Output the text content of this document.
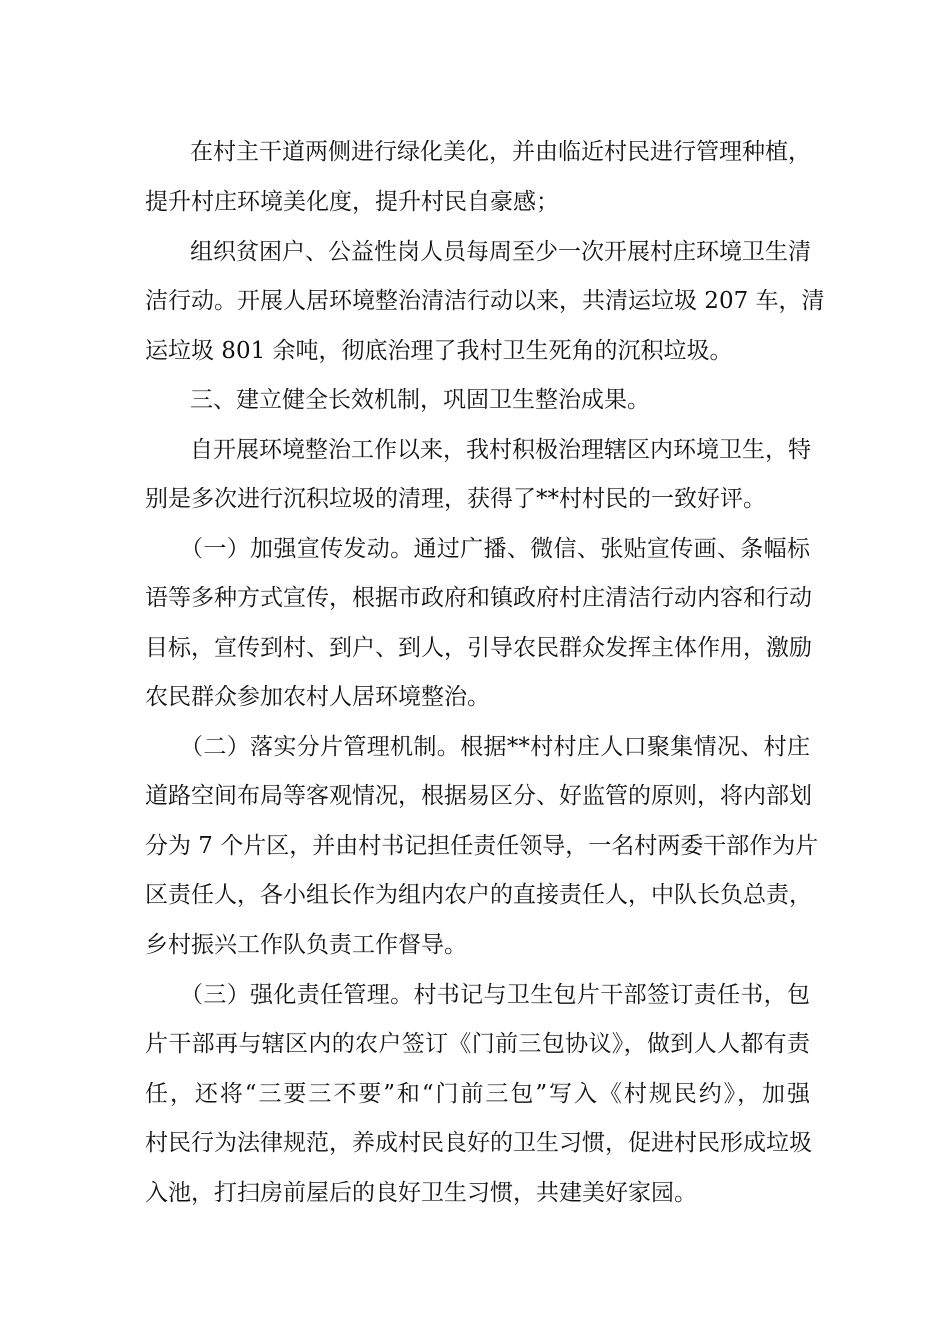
在村主干道两侧进行绿化美化，并由临近村民进行管理种植，
提升村庄环境美化度，提升村民自豪感；
组织贫困户、公益性岗人员每周至少一次开展村庄环境卫生清
洁行动。开展人居环境整治清洁行动以来，共清运垃圾 207 车，清
运垃圾 801 余吨，彻底治理了我村卫生死角的沉积垃圾。
三、建立健全长效机制，巩固卫生整治成果。
自开展环境整治工作以来，我村积极治理辖区内环境卫生，特
别是多次进行沉积垃圾的清理，获得了**村村民的一致好评。
（一）加强宣传发动。通过广播、微信、张贴宣传画、条幅标
语等多种方式宣传，根据市政府和镇政府村庄清洁行动内容和行动
目标，宣传到村、到户、到人，引导农民群众发挥主体作用，激励
农民群众参加农村人居环境整治。
（二）落实分片管理机制。根据**村村庄人口聚集情况、村庄
道路空间布局等客观情况，根据易区分、好监管的原则，将内部划
分为 7 个片区，并由村书记担任责任领导，一名村两委干部作为片
区责任人，各小组长作为组内农户的直接责任人，中队长负总责，
乡村振兴工作队负责工作督导。
（三）强化责任管理。村书记与卫生包片干部签订责任书，包
片干部再与辖区内的农户签订《门前三包协议》，做到人人都有责
任，还将“三要三不要”和“门前三包”写入《村规民约》，加强
村民行为法律规范，养成村民良好的卫生习惯，促进村民形成垃圾
入池，打扫房前屋后的良好卫生习惯，共建美好家园。
